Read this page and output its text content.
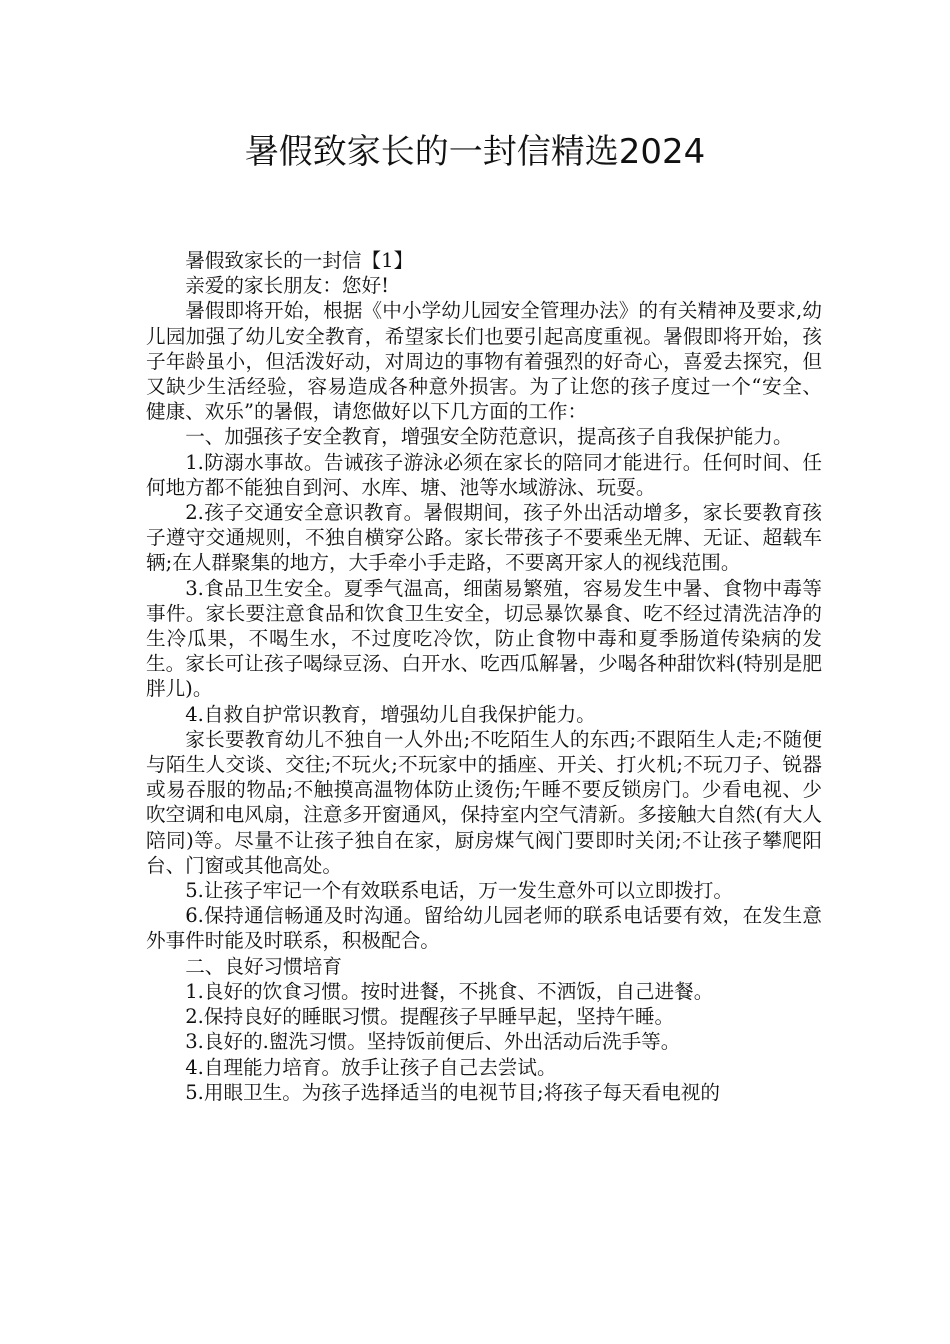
暑假致家长的一封信精选2024

暑假致家长的一封信【1】

亲爱的家长朋友：您好!

暑假即将开始，根据《中小学幼儿园安全管理办法》的有关精神及要求,幼儿园加强了幼儿安全教育，希望家长们也要引起高度重视。暑假即将开始，孩子年龄虽小，但活泼好动，对周边的事物有着强烈的好奇心，喜爱去探究，但又缺少生活经验，容易造成各种意外损害。为了让您的孩子度过一个“安全、健康、欢乐”的暑假，请您做好以下几方面的工作：

一、加强孩子安全教育，增强安全防范意识，提高孩子自我保护能力。

1.防溺水事故。告诫孩子游泳必须在家长的陪同才能进行。任何时间、任何地方都不能独自到河、水库、塘、池等水域游泳、玩耍。

2.孩子交通安全意识教育。暑假期间，孩子外出活动增多，家长要教育孩子遵守交通规则，不独自横穿公路。家长带孩子不要乘坐无牌、无证、超载车辆;在人群聚集的地方，大手牵小手走路，不要离开家人的视线范围。

3.食品卫生安全。夏季气温高，细菌易繁殖，容易发生中暑、食物中毒等事件。家长要注意食品和饮食卫生安全，切忌暴饮暴食、吃不经过清洗洁净的生冷瓜果，不喝生水，不过度吃冷饮，防止食物中毒和夏季肠道传染病的发生。家长可让孩子喝绿豆汤、白开水、吃西瓜解暑，少喝各种甜饮料(特别是肥胖儿)。

4.自救自护常识教育，增强幼儿自我保护能力。

家长要教育幼儿不独自一人外出;不吃陌生人的东西;不跟陌生人走;不随便与陌生人交谈、交往;不玩火;不玩家中的插座、开关、打火机;不玩刀子、锐器或易吞服的物品;不触摸高温物体防止烫伤;午睡不要反锁房门。少看电视、少吹空调和电风扇，注意多开窗通风，保持室内空气清新。多接触大自然(有大人陪同)等。尽量不让孩子独自在家，厨房煤气阀门要即时关闭;不让孩子攀爬阳台、门窗或其他高处。

5.让孩子牢记一个有效联系电话，万一发生意外可以立即拨打。

6.保持通信畅通及时沟通。留给幼儿园老师的联系电话要有效，在发生意外事件时能及时联系，积极配合。

二、良好习惯培育

1.良好的饮食习惯。按时进餐，不挑食、不洒饭，自己进餐。

2.保持良好的睡眠习惯。提醒孩子早睡早起，坚持午睡。

3.良好的.盥洗习惯。坚持饭前便后、外出活动后洗手等。

4.自理能力培育。放手让孩子自己去尝试。

5.用眼卫生。为孩子选择适当的电视节目;将孩子每天看电视的
